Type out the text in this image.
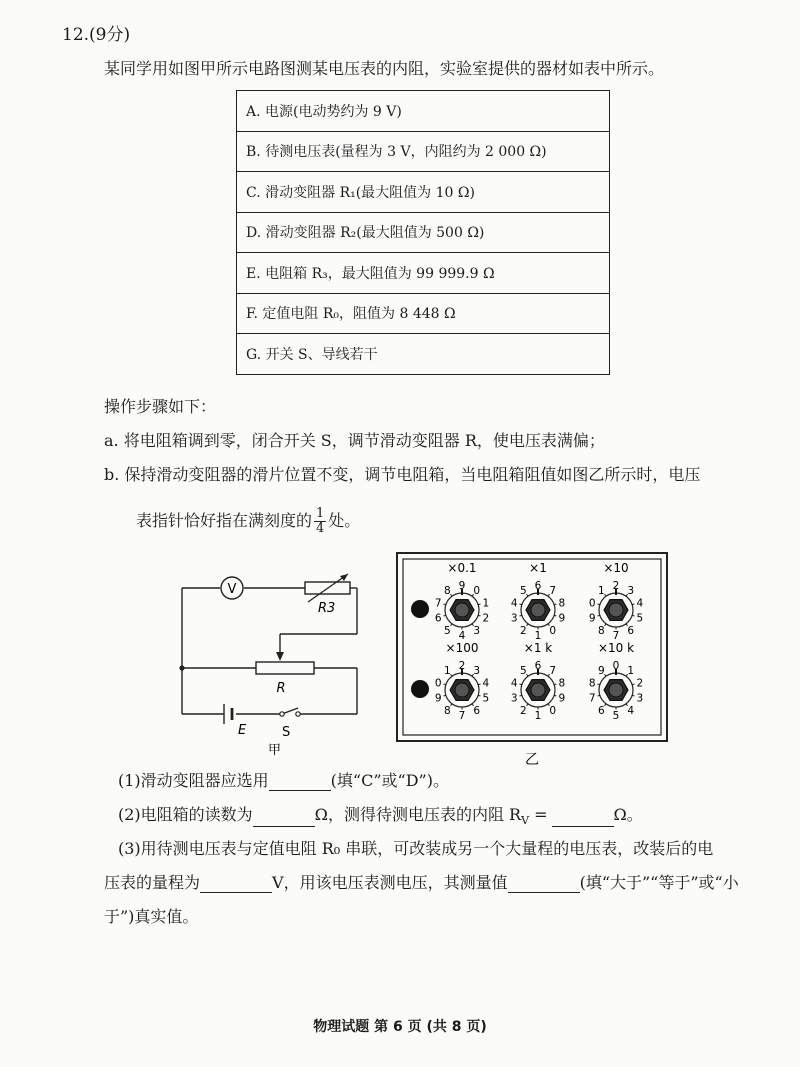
12.(9分)
某同学用如图甲所示电路图测某电压表的内阻，实验室提供的器材如表中所示。
A. 电源(电动势约为 9 V)
B. 待测电压表(量程为 3 V，内阻约为 2 000 Ω)
C. 滑动变阻器 R₁(最大阻值为 10 Ω)
D. 滑动变阻器 R₂(最大阻值为 500 Ω)
E. 电阻箱 R₃，最大阻值为 99 999.9 Ω
F. 定值电阻 R₀，阻值为 8 448 Ω
G. 开关 S、导线若干
操作步骤如下：
a. 将电阻箱调到零，闭合开关 S，调节滑动变阻器 R，使电压表满偏；
b. 保持滑动变阻器的滑片位置不变，调节电阻箱，当电阻箱阻值如图乙所示时，电压
表指针恰好指在满刻度的 $\frac{1}{4}$ 处。
V
R3
R
E	S
甲
×0.1
0
1
2
3
4
5
6
7
8 9
×1
0
1
2
3
4
5 6 7
8
9
×10
0
1 2 3
4
5
6
7
8
9
×100
0
1 2 3
4
5
6
7
8
9
×1 k
0
1
2
3
4
5 6 7
8
9
×10 k
0 1
2
3
4
5
6
7
8
9
乙
(1)滑动变阻器应选用	(填“C”或“D”)。
(2)电阻箱的读数为	Ω，测得待测电压表的内阻 $R_V$ =	Ω。
(3)用待测电压表与定值电阻 R₀ 串联，可改装成另一个大量程的电压表，改装后的电
压表的量程为	V，用该电压表测电压，其测量值	(填“大于”“等于”或“小
于”)真实值。
物理试题 第 6 页 (共 8 页)
